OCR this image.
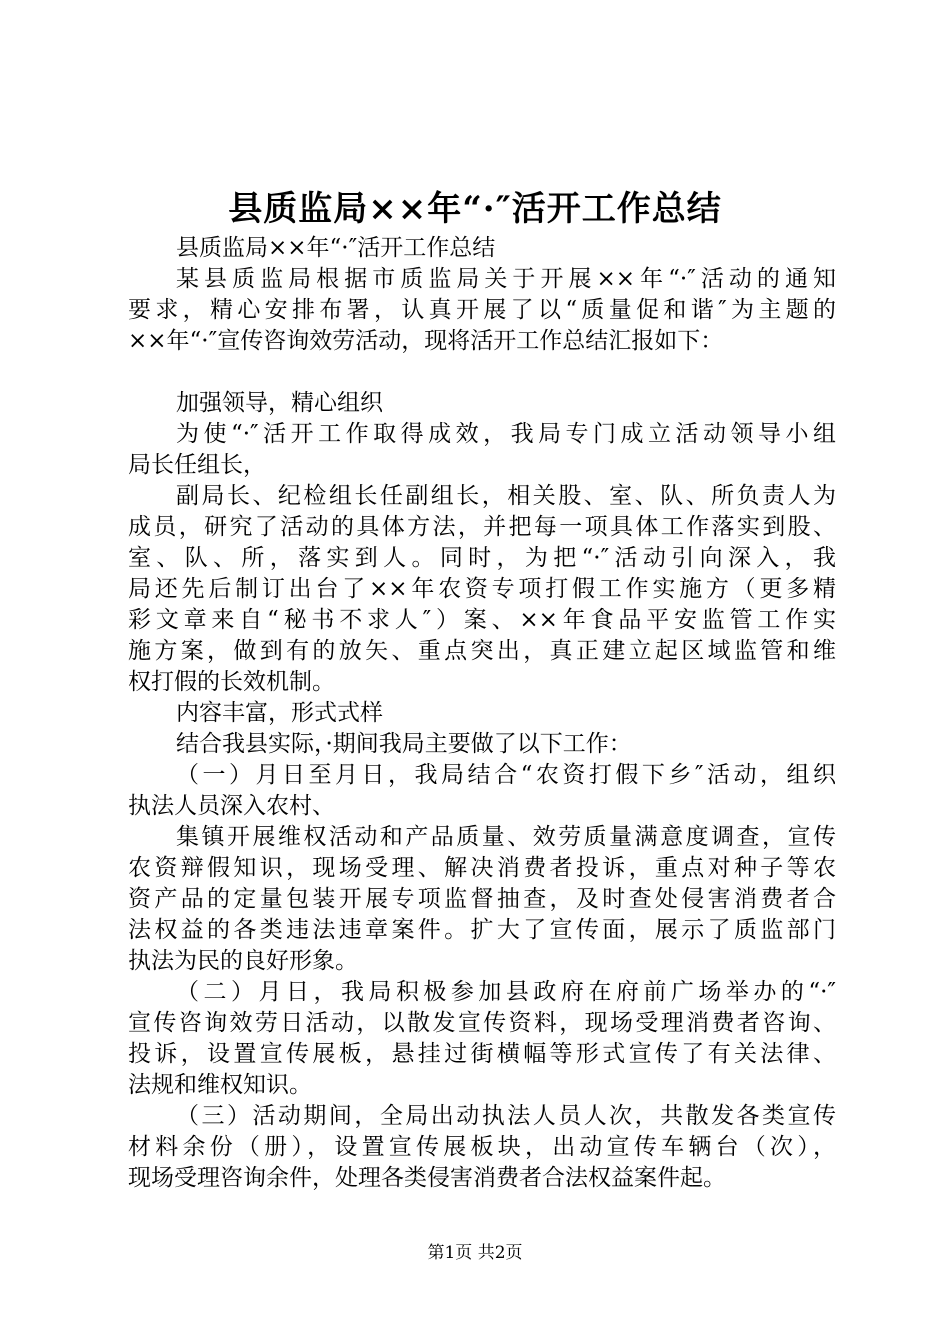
县质监局××年“·″活开工作总结
县质监局××年“·″活开工作总结
某县质监局根据市质监局关于开展××年“·″活动的通知
要求，精心安排布署，认真开展了以“质量促和谐″为主题的
××年“·″宣传咨询效劳活动，现将活开工作总结汇报如下：
加强领导，精心组织
为使“·″活开工作取得成效，我局专门成立活动领导小组
局长任组长，
副局长、纪检组长任副组长，相关股、室、队、所负责人为
成员，研究了活动的具体方法，并把每一项具体工作落实到股、
室、队、所，落实到人。同时，为把“·″活动引向深入，我
局还先后制订出台了××年农资专项打假工作实施方（更多精
彩文章来自“秘书不求人″）案、××年食品平安监管工作实
施方案，做到有的放矢、重点突出，真正建立起区域监管和维
权打假的长效机制。
内容丰富，形式式样
结合我县实际，·期间我局主要做了以下工作：
（一）月日至月日，我局结合“农资打假下乡″活动，组织
执法人员深入农村、
集镇开展维权活动和产品质量、效劳质量满意度调查，宣传
农资辩假知识，现场受理、解决消费者投诉，重点对种子等农
资产品的定量包装开展专项监督抽查，及时查处侵害消费者合
法权益的各类违法违章案件。扩大了宣传面，展示了质监部门
执法为民的良好形象。
（二）月日，我局积极参加县政府在府前广场举办的“·″
宣传咨询效劳日活动，以散发宣传资料，现场受理消费者咨询、
投诉，设置宣传展板，悬挂过街横幅等形式宣传了有关法律、
法规和维权知识。
（三）活动期间，全局出动执法人员人次，共散发各类宣传
材料余份（册），设置宣传展板块，出动宣传车辆台（次），
现场受理咨询余件，处理各类侵害消费者合法权益案件起。
第1页 共2页
